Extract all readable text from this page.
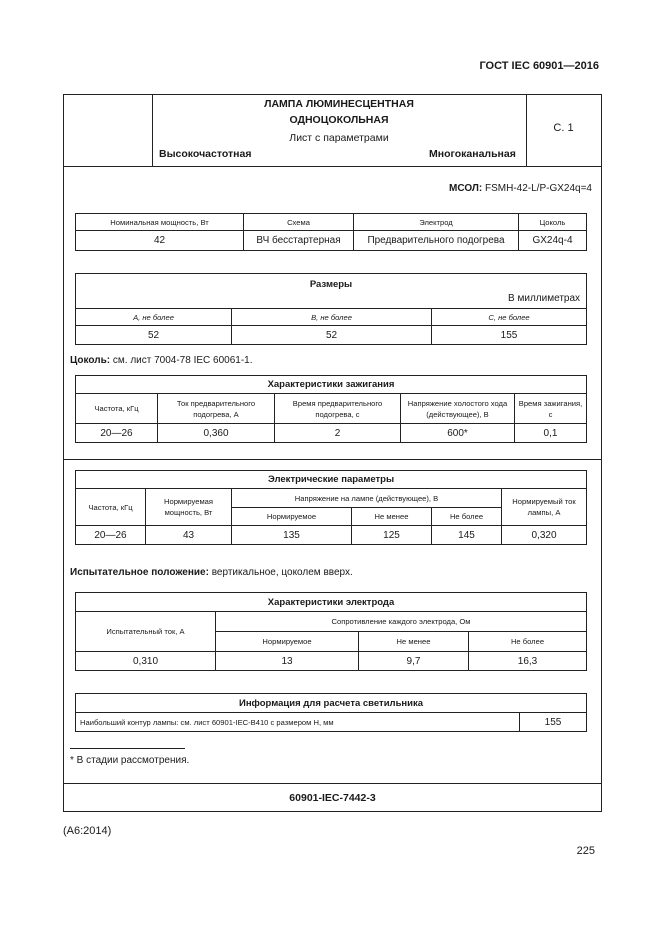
ГОСТ IEC 60901—2016
ЛАМПА ЛЮМИНЕСЦЕНТНАЯ
ОДНОЦОКОЛЬНАЯ
Лист с параметрами
Высокочастотная	Многоканальная
С. 1
МСОЛ: FSMH-42-L/P-GX24q=4
Номинальная мощность, Вт	Схема	Электрод	Цоколь
42	ВЧ бесстартерная	Предварительного подогрева	GX24q-4
Размеры
В миллиметрах		

A, не более	B, не более	C, не более
52	52	155
Цоколь: см. лист 7004-78 IEC 60061-1.
Характеристики зажигания				
Частота, кГц	Ток предварительного подогрева, А	Время предварительного подогрева, с	Напряжение холостого хода (действующее), В	Время зажигания, с
20—26	0,360	2	600*	0,1
Электрические параметры					
Частота, кГц	Нормируемая мощность, Вт	Напряжение на лампе (действующее), В			Нормируемый ток лампы, А
		Нормируемое	Не менее	Не более	
20—26	43	135	125	145	0,320
Испытательное положение: вертикальное, цоколем вверх.
Характеристики электрода			
Испытательный ток, А	Сопротивление каждого электрода, Ом		
	Нормируемое	Не менее	Не более
0,310	13	9,7	16,3
Информация для расчета светильника
Наибольший контур лампы: см. лист 60901-IEC-B410 с размером H, мм	155
* В стадии рассмотрения.
60901-IEC-7442-3
(А6:2014)
225
